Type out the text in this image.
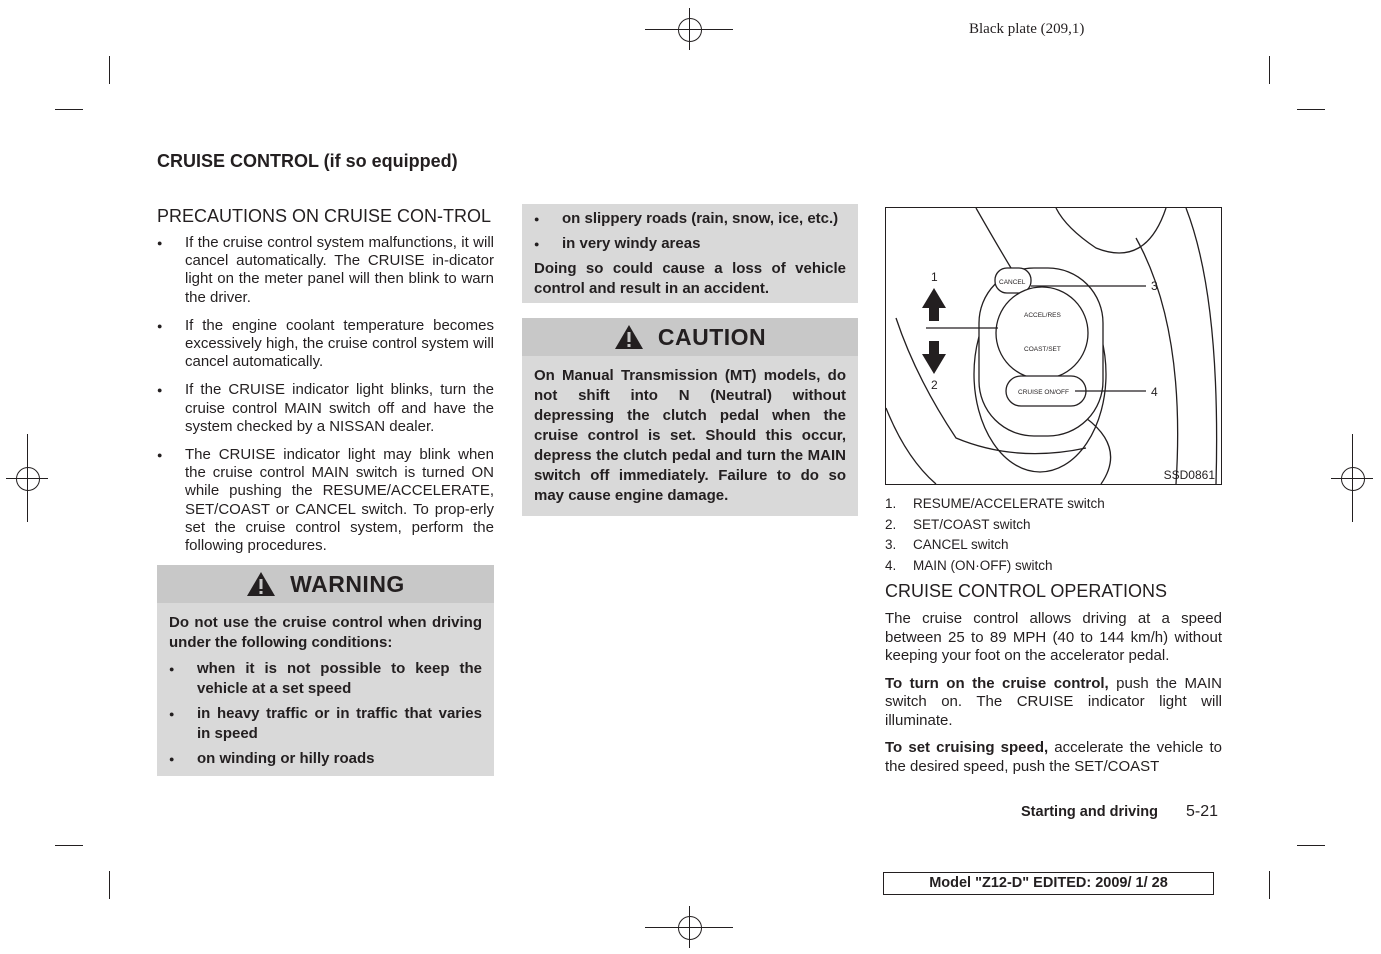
Black plate (209,1)
CRUISE CONTROL (if so equipped)
PRECAUTIONS ON CRUISE CON-TROL
● If the cruise control system malfunctions, it will cancel automatically. The CRUISE in-dicator light on the meter panel will then blink to warn the driver.
● If the engine coolant temperature becomes excessively high, the cruise control system will cancel automatically.
● If the CRUISE indicator light blinks, turn the cruise control MAIN switch off and have the system checked by a NISSAN dealer.
● The CRUISE indicator light may blink when the cruise control MAIN switch is turned ON while pushing the RESUME/ACCELERATE, SET/COAST or CANCEL switch. To prop-erly set the cruise control system, perform the following procedures.
WARNING

Do not use the cruise control when driving under the following conditions:

● when it is not possible to keep the vehicle at a set speed
● in heavy traffic or in traffic that varies in speed
● on winding or hilly roads
● on slippery roads (rain, snow, ice, etc.)
● in very windy areas

Doing so could cause a loss of vehicle control and result in an accident.

CAUTION

On Manual Transmission (MT) models, do not shift into N (Neutral) without depressing the clutch pedal when the cruise control is set. Should this occur, depress the clutch pedal and turn the MAIN switch off immediately. Failure to do so may cause engine damage.

CANCEL
ACCEL/RES
COAST/SET
CRUISE ON/OFF
1
2
3
4
SSD0861
1. RESUME/ACCELERATE switch
2. SET/COAST switch
3. CANCEL switch
4. MAIN (ON·OFF) switch
CRUISE CONTROL OPERATIONS

The cruise control allows driving at a speed between 25 to 89 MPH (40 to 144 km/h) without keeping your foot on the accelerator pedal.

To turn on the cruise control, push the MAIN switch on. The CRUISE indicator light will illuminate.

To set cruising speed, accelerate the vehicle to the desired speed, push the SET/COAST

Starting and driving 5-21
Model "Z12-D" EDITED: 2009/ 1/ 28
